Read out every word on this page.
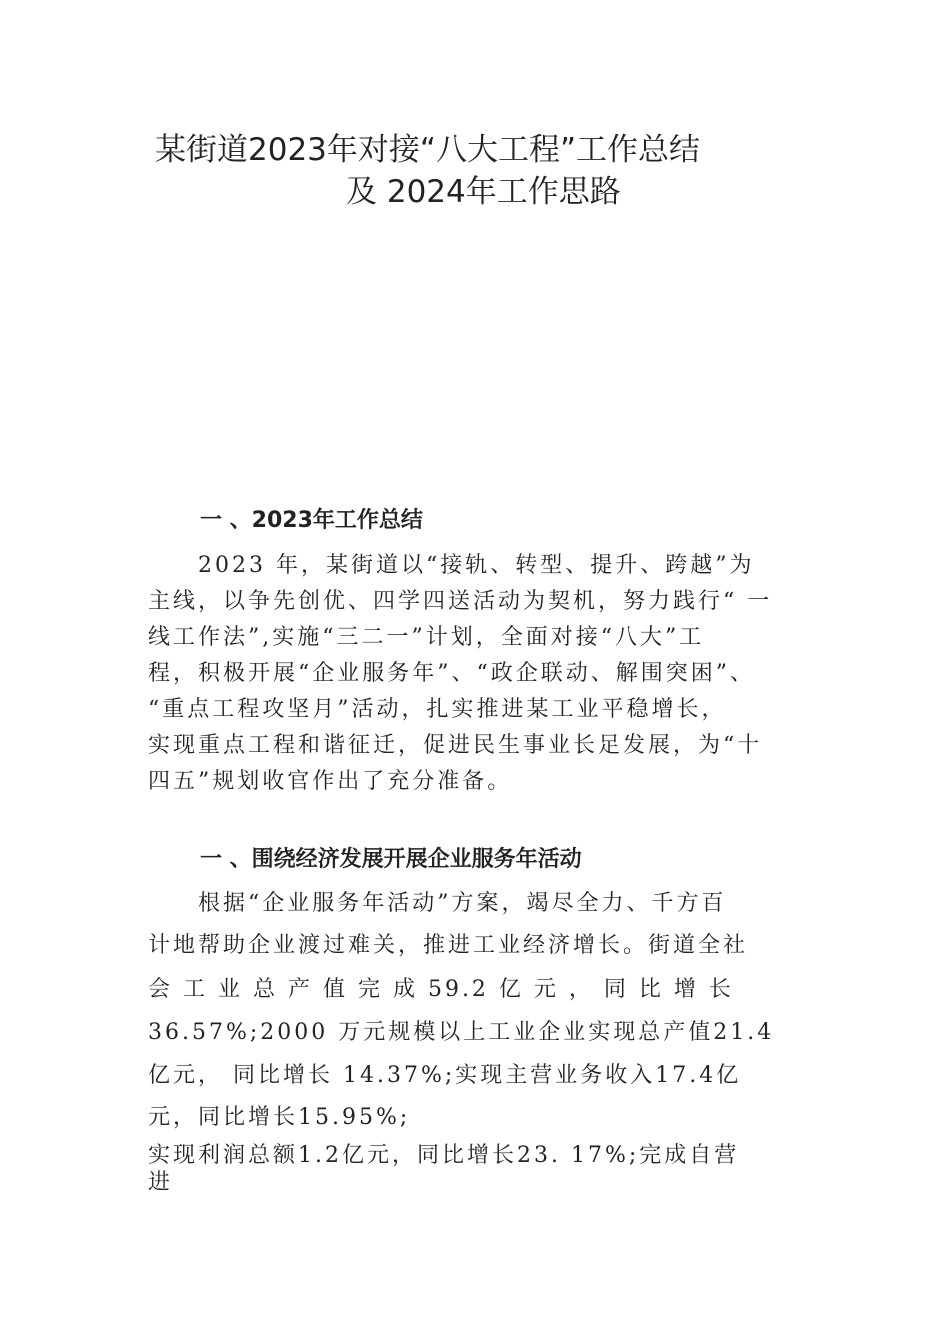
某街道2023年对接“八大工程”工作总结
及 2024年工作思路
一 、2023年工作总结
　　2023 年，某街道以“接轨、转型、提升、跨越”为
主线，以争先创优、四学四送活动为契机，努力践行“ 一
线工作法”,实施“三二一”计划，全面对接“八大”工
程，积极开展“企业服务年”、“政企联动、解围突困”、
“重点工程攻坚月”活动，扎实推进某工业平稳增长，
实现重点工程和谐征迁，促进民生事业长足发展，为“十
四五”规划收官作出了充分准备。
一 、围绕经济发展开展企业服务年活动
　　根据“企业服务年活动”方案，竭尽全力、千方百
计地帮助企业渡过难关，推进工业经济增长。街道全社
会 工 业 总 产 值 完 成 59.2 亿 元 ， 同 比 增 长
36.57%;2000 万元规模以上工业企业实现总产值21.4
亿元， 同比增长 14.37%;实现主营业务收入17.4亿
元，同比增长15.95%;
实现利润总额1.2亿元，同比增长23. 17%;完成自营
进
